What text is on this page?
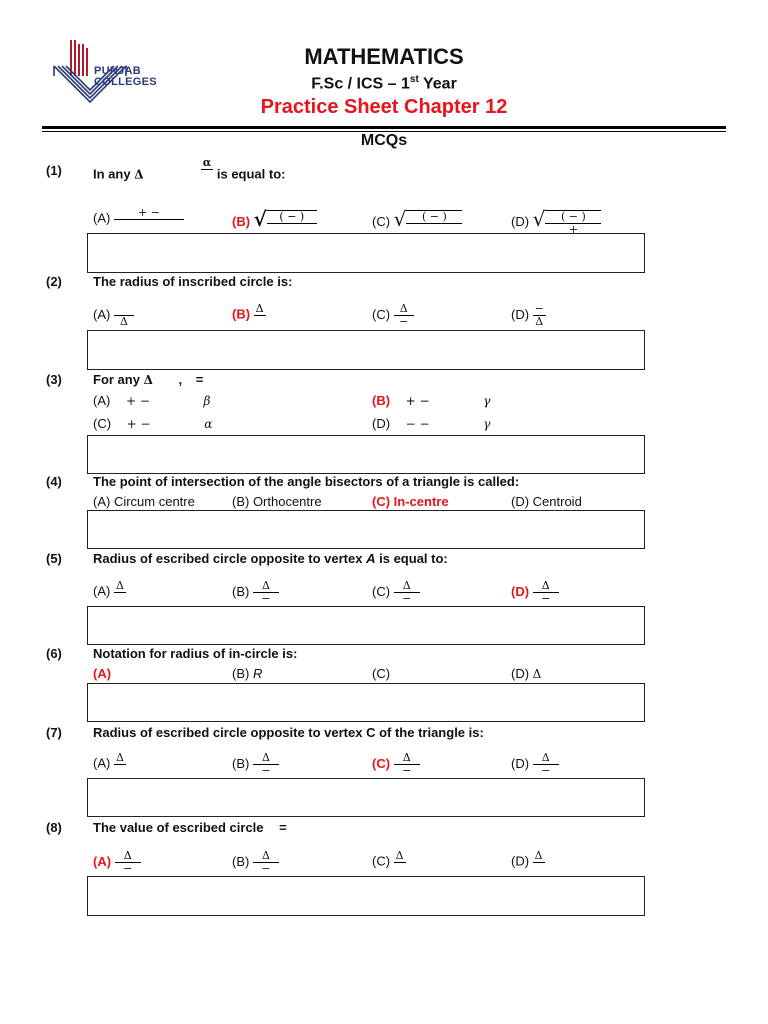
PUNJAB
COLLEGES
MATHEMATICS
F.Sc / ICS – 1st Year
Practice Sheet Chapter 12
MCQs
(1) In any Δ
α
is equal to:
(A)	+ −
(B) √	( − )	(C) √	( − )	(D) √ $\frac{( - )}{+}$
(2) The radius of inscribed circle is:
(A)
Δ
(B) Δ	$(C) \frac{\Delta}{-}$	$(D) \frac{-}{\Delta}$
(3) For any Δ , =
(A) + −	β	(B) + −	γ
(C) + −	α	(D) − −	γ
(4) The point of intersection of the angle bisectors of a triangle is called:
(A) Circum centre	(B) Orthocentre	(C) In-centre	(D) Centroid
(5) Radius of escribed circle opposite to vertex A is equal to:
(A) Δ	$(B) \frac{\Delta}{-}$	$(C) \frac{\Delta}{-}$	$(D) \frac{\Delta}{-}$
(6) Notation for radius of in-circle is:
(A)	(B) R	(C)	(D) Δ
(7) Radius of escribed circle opposite to vertex C of the triangle is:
(A) Δ	$(B) \frac{\Delta}{-}$	$(C) \frac{\Delta}{-}$	$(D) \frac{\Delta}{-}$
(8) The value of escribed circle =
$(A) \frac{\Delta}{-}$	$(B) \frac{\Delta}{-}$	(C) Δ	(D) Δ
